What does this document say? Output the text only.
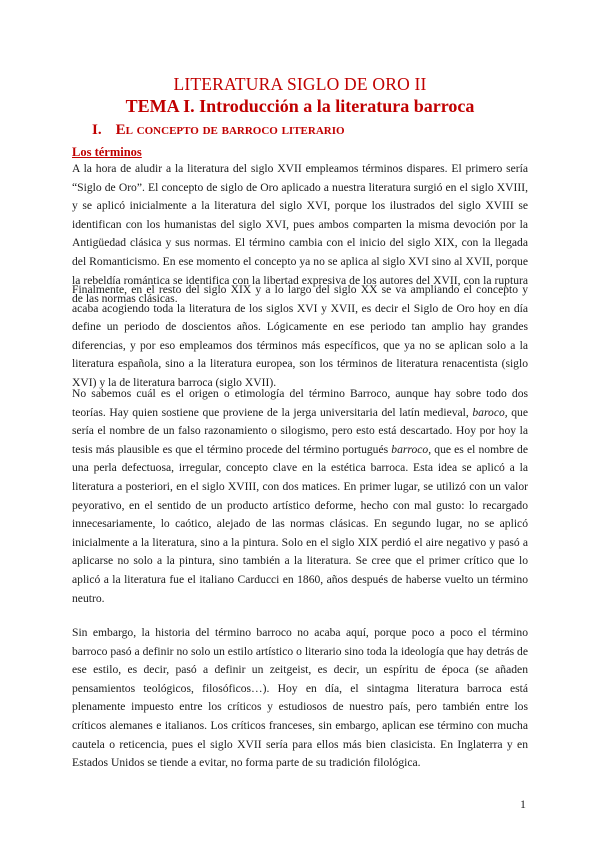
LITERATURA SIGLO DE ORO II
TEMA I. Introducción a la literatura barroca
I. El concepto de barroco literario
Los términos

A la hora de aludir a la literatura del siglo XVII empleamos términos dispares. El primero sería “Siglo de Oro”. El concepto de siglo de Oro aplicado a nuestra literatura surgió en el siglo XVIII, y se aplicó inicialmente a la literatura del siglo XVI, porque los ilustrados del siglo XVIII se identifican con los humanistas del siglo XVI, pues ambos comparten la misma devoción por la Antigüedad clásica y sus normas. El término cambia con el inicio del siglo XIX, con la llegada del Romanticismo. En ese momento el concepto ya no se aplica al siglo XVI sino al XVII, porque la rebeldía romántica se identifica con la libertad expresiva de los autores del XVII, con la ruptura de las normas clásicas.

Finalmente, en el resto del siglo XIX y a lo largo del siglo XX se va ampliando el concepto y acaba acogiendo toda la literatura de los siglos XVI y XVII, es decir el Siglo de Oro hoy en día define un periodo de doscientos años. Lógicamente en ese periodo tan amplio hay grandes diferencias, y por eso empleamos dos términos más específicos, que ya no se aplican solo a la literatura española, sino a la literatura europea, son los términos de literatura renacentista (siglo XVI) y la de literatura barroca (siglo XVII).

No sabemos cuál es el origen o etimología del término Barroco, aunque hay sobre todo dos teorías. Hay quien sostiene que proviene de la jerga universitaria del latín medieval, baroco, que sería el nombre de un falso razonamiento o silogismo, pero esto está descartado. Hoy por hoy la tesis más plausible es que el término procede del término portugués barroco, que es el nombre de una perla defectuosa, irregular, concepto clave en la estética barroca. Esta idea se aplicó a la literatura a posteriori, en el siglo XVIII, con dos matices. En primer lugar, se utilizó con un valor peyorativo, en el sentido de un producto artístico deforme, hecho con mal gusto: lo recargado innecesariamente, lo caótico, alejado de las normas clásicas. En segundo lugar, no se aplicó inicialmente a la literatura, sino a la pintura. Solo en el siglo XIX perdió el aire negativo y pasó a aplicarse no solo a la pintura, sino también a la literatura. Se cree que el primer crítico que lo aplicó a la literatura fue el italiano Carducci en 1860, años después de haberse vuelto un término neutro.

Sin embargo, la historia del término barroco no acaba aquí, porque poco a poco el término barroco pasó a definir no solo un estilo artístico o literario sino toda la ideología que hay detrás de ese estilo, es decir, pasó a definir un zeitgeist, es decir, un espíritu de época (se añaden pensamientos teológicos, filosóficos…). Hoy en día, el sintagma literatura barroca está plenamente impuesto entre los críticos y estudiosos de nuestro país, pero también entre los críticos alemanes e italianos. Los críticos franceses, sin embargo, aplican ese término con mucha cautela o reticencia, pues el siglo XVII sería para ellos más bien clasicista. En Inglaterra y en Estados Unidos se tiende a evitar, no forma parte de su tradición filológica.

1
